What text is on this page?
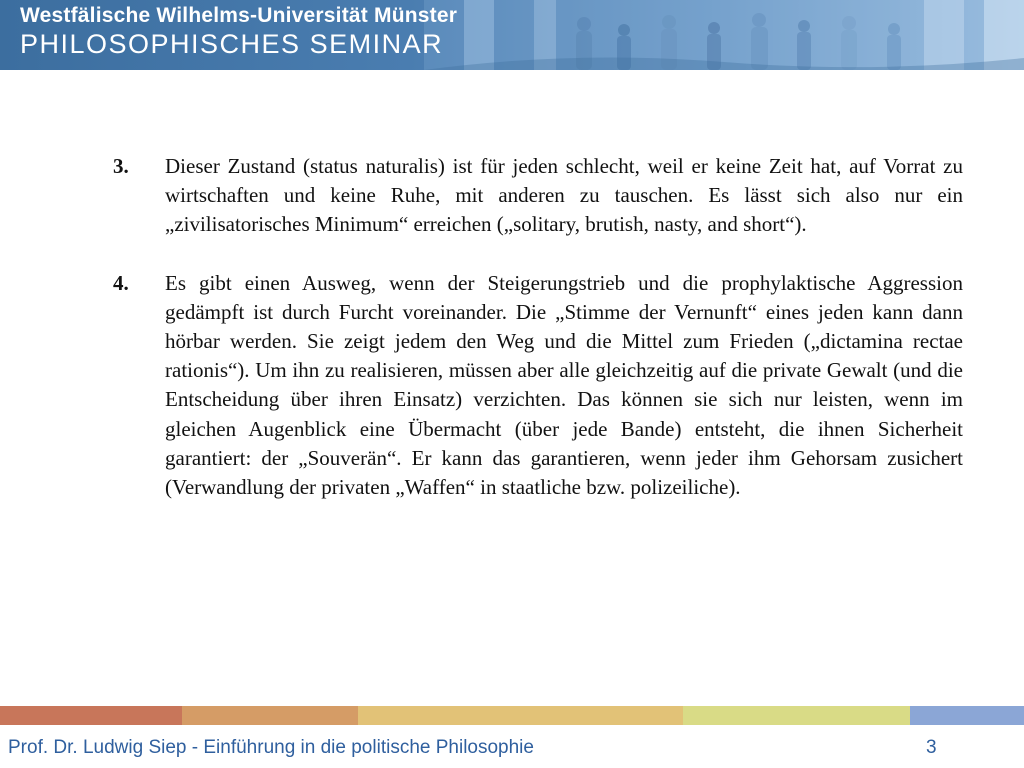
Westfälische Wilhelms-Universität Münster
PHILOSOPHISCHES SEMINAR
3. Dieser Zustand (status naturalis) ist für jeden schlecht, weil er keine Zeit hat, auf Vorrat zu wirtschaften und keine Ruhe, mit anderen zu tauschen. Es lässt sich also nur ein „zivilisatorisches Minimum“ erreichen („solitary, brutish, nasty, and short“).
4. Es gibt einen Ausweg, wenn der Steigerungstrieb und die prophylaktische Aggression gedämpft ist durch Furcht voreinander. Die „Stimme der Vernunft“ eines jeden kann dann hörbar werden. Sie zeigt jedem den Weg und die Mittel zum Frieden („dictamina rectae rationis“). Um ihn zu realisieren, müssen aber alle gleichzeitig auf die private Gewalt (und die Entscheidung über ihren Einsatz) verzichten. Das können sie sich nur leisten, wenn im gleichen Augenblick eine Übermacht (über jede Bande) entsteht, die ihnen Sicherheit garantiert: der „Souverän“. Er kann das garantieren, wenn jeder ihm Gehorsam zusichert (Verwandlung der privaten „Waffen“ in staatliche bzw. polizeiliche).
Prof. Dr. Ludwig Siep - Einführung in die politische Philosophie	3
